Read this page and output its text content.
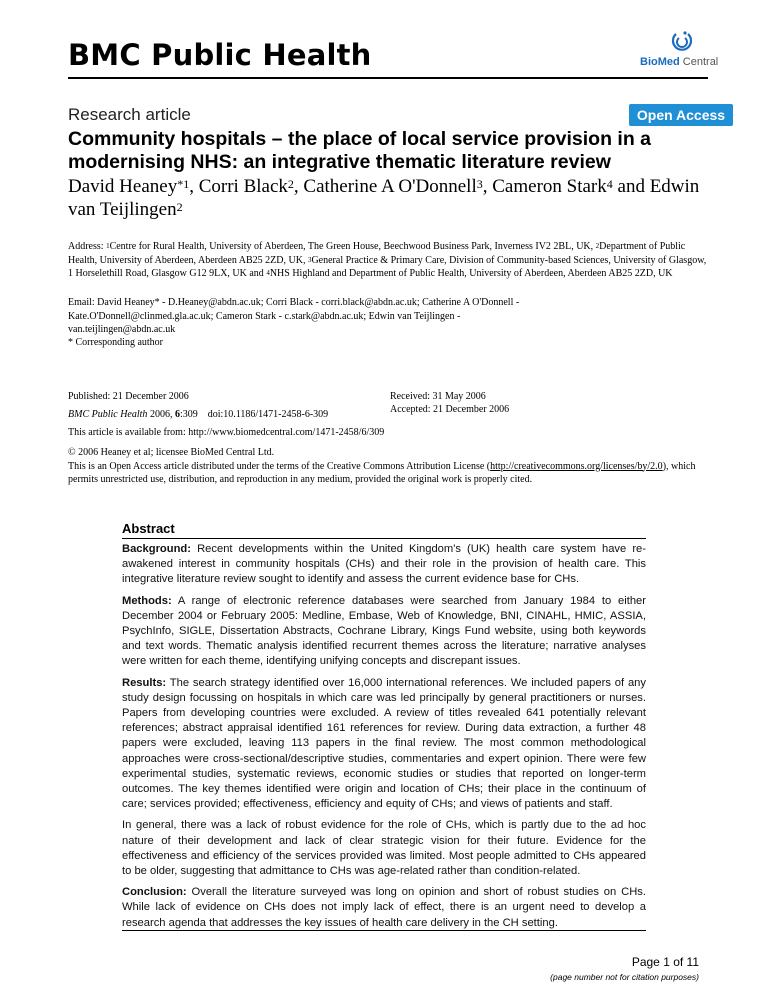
BMC Public Health	BioMed Central
Research article	Open Access
Community hospitals – the place of local service provision in a modernising NHS: an integrative thematic literature review
David Heaney$^{*1}$, Corri Black$^2$, Catherine A O'Donnell$^3$, Cameron Stark$^4$ and Edwin van Teijlingen$^2$
Address: $^1$Centre for Rural Health, University of Aberdeen, The Green House, Beechwood Business Park, Inverness IV2 2BL, UK, $^2$Department of Public Health, University of Aberdeen, Aberdeen AB25 2ZD, UK, $^3$General Practice & Primary Care, Division of Community-based Sciences, University of Glasgow, 1 Horselethill Road, Glasgow G12 9LX, UK and $^4$NHS Highland and Department of Public Health, University of Aberdeen, Aberdeen AB25 2ZD, UK
Email: David Heaney* - D.Heaney@abdn.ac.uk; Corri Black - corri.black@abdn.ac.uk; Catherine A O'Donnell - Kate.O'Donnell@clinmed.gla.ac.uk; Cameron Stark - c.stark@abdn.ac.uk; Edwin van Teijlingen - van.teijlingen@abdn.ac.uk
* Corresponding author
Published: 21 December 2006
BMC Public Health 2006, 6:309 doi:10.1186/1471-2458-6-309
Received: 31 May 2006
Accepted: 21 December 2006
This article is available from: http://www.biomedcentral.com/1471-2458/6/309
© 2006 Heaney et al; licensee BioMed Central Ltd.
This is an Open Access article distributed under the terms of the Creative Commons Attribution License (http://creativecommons.org/licenses/by/2.0), which permits unrestricted use, distribution, and reproduction in any medium, provided the original work is properly cited.
Abstract

Background: Recent developments within the United Kingdom's (UK) health care system have re-awakened interest in community hospitals (CHs) and their role in the provision of health care. This integrative literature review sought to identify and assess the current evidence base for CHs.

Methods: A range of electronic reference databases were searched from January 1984 to either December 2004 or February 2005: Medline, Embase, Web of Knowledge, BNI, CINAHL, HMIC, ASSIA, PsychInfo, SIGLE, Dissertation Abstracts, Cochrane Library, Kings Fund website, using both keywords and text words. Thematic analysis identified recurrent themes across the literature; narrative analyses were written for each theme, identifying unifying concepts and discrepant issues.

Results: The search strategy identified over 16,000 international references. We included papers of any study design focussing on hospitals in which care was led principally by general practitioners or nurses. Papers from developing countries were excluded. A review of titles revealed 641 potentially relevant references; abstract appraisal identified 161 references for review. During data extraction, a further 48 papers were excluded, leaving 113 papers in the final review. The most common methodological approaches were cross-sectional/descriptive studies, commentaries and expert opinion. There were few experimental studies, systematic reviews, economic studies or studies that reported on longer-term outcomes. The key themes identified were origin and location of CHs; their place in the continuum of care; services provided; effectiveness, efficiency and equity of CHs; and views of patients and staff.

In general, there was a lack of robust evidence for the role of CHs, which is partly due to the ad hoc nature of their development and lack of clear strategic vision for their future. Evidence for the effectiveness and efficiency of the services provided was limited. Most people admitted to CHs appeared to be older, suggesting that admittance to CHs was age-related rather than condition-related.

Conclusion: Overall the literature surveyed was long on opinion and short of robust studies on CHs. While lack of evidence on CHs does not imply lack of effect, there is an urgent need to develop a research agenda that addresses the key issues of health care delivery in the CH setting.

Page 1 of 11
(page number not for citation purposes)
